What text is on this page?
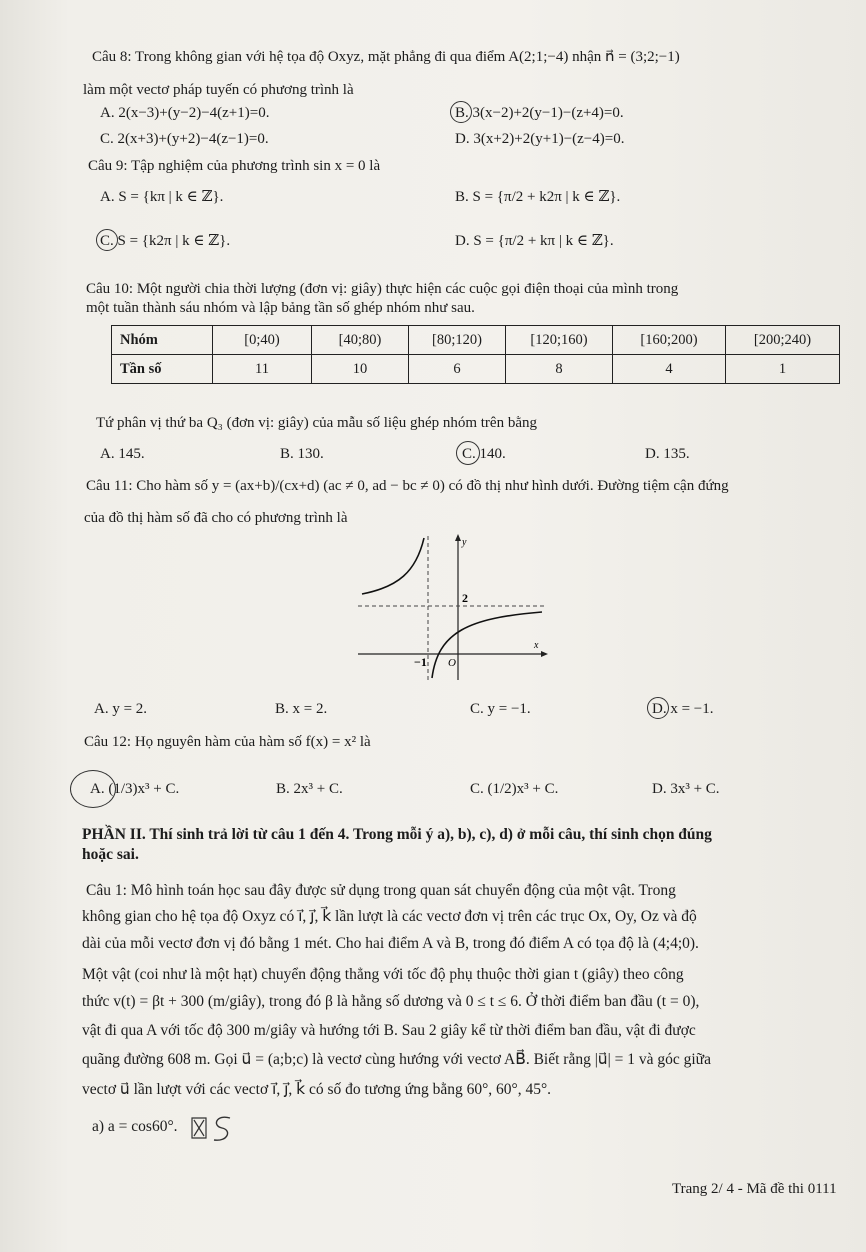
Câu 8: Trong không gian với hệ tọa độ Oxyz, mặt phẳng đi qua điểm A(2;1;−4) nhận n⃗ = (3;2;−1)
làm một vectơ pháp tuyến có phương trình là
A. 2(x−3)+(y−2)−4(z+1)=0.	B. 3(x−2)+2(y−1)−(z+4)=0.
C. 2(x+3)+(y+2)−4(z−1)=0.	D. 3(x+2)+2(y+1)−(z−4)=0.
Câu 9: Tập nghiệm của phương trình sin x = 0 là
A. S = {kπ | k ∈ ℤ}.	B. S = {π/2 + k2π | k ∈ ℤ}.
C. S = {k2π | k ∈ ℤ}.	D. S = {π/2 + kπ | k ∈ ℤ}.
Câu 10: Một người chia thời lượng (đơn vị: giây) thực hiện các cuộc gọi điện thoại của mình trong
một tuần thành sáu nhóm và lập bảng tần số ghép nhóm như sau.
Nhóm	[0;40)	[40;80)	[80;120)	[120;160)	[160;200)	[200;240)
Tần số	11	10	6	8	4	1
Tứ phân vị thứ ba Q₃ (đơn vị: giây) của mẫu số liệu ghép nhóm trên bằng
A. 145.	B. 130.	C. 140.	D. 135.
Câu 11: Cho hàm số y = (ax+b)/(cx+d) (ac ≠ 0, ad − bc ≠ 0) có đồ thị như hình dưới. Đường tiệm cận đứng
của đồ thị hàm số đã cho có phương trình là
y
x
2
−1 O
A. y = 2.	B. x = 2.	C. y = −1.	D. x = −1.
Câu 12: Họ nguyên hàm của hàm số f(x) = x² là
A. (1/3)x³ + C.	B. 2x³ + C.	C. (1/2)x³ + C.	D. 3x³ + C.
PHẦN II. Thí sinh trả lời từ câu 1 đến 4. Trong mỗi ý a), b), c), d) ở mỗi câu, thí sinh chọn đúng
hoặc sai.
Câu 1: Mô hình toán học sau đây được sử dụng trong quan sát chuyển động của một vật. Trong
không gian cho hệ tọa độ Oxyz có i⃗, j⃗, k⃗ lần lượt là các vectơ đơn vị trên các trục Ox, Oy, Oz và độ
dài của mỗi vectơ đơn vị đó bằng 1 mét. Cho hai điểm A và B, trong đó điểm A có tọa độ là (4;4;0).
Một vật (coi như là một hạt) chuyển động thẳng với tốc độ phụ thuộc thời gian t (giây) theo công
thức v(t) = βt + 300 (m/giây), trong đó β là hằng số dương và 0 ≤ t ≤ 6. Ở thời điểm ban đầu (t = 0),
vật đi qua A với tốc độ 300 m/giây và hướng tới B. Sau 2 giây kể từ thời điểm ban đầu, vật đi được
quãng đường 608 m. Gọi u⃗ = (a;b;c) là vectơ cùng hướng với vectơ AB⃗. Biết rằng |u⃗| = 1 và góc giữa
vectơ u⃗ lần lượt với các vectơ i⃗, j⃗, k⃗ có số đo tương ứng bằng 60°, 60°, 45°.
a) a = cos60°.
Trang 2/ 4 - Mã đề thi 0111
